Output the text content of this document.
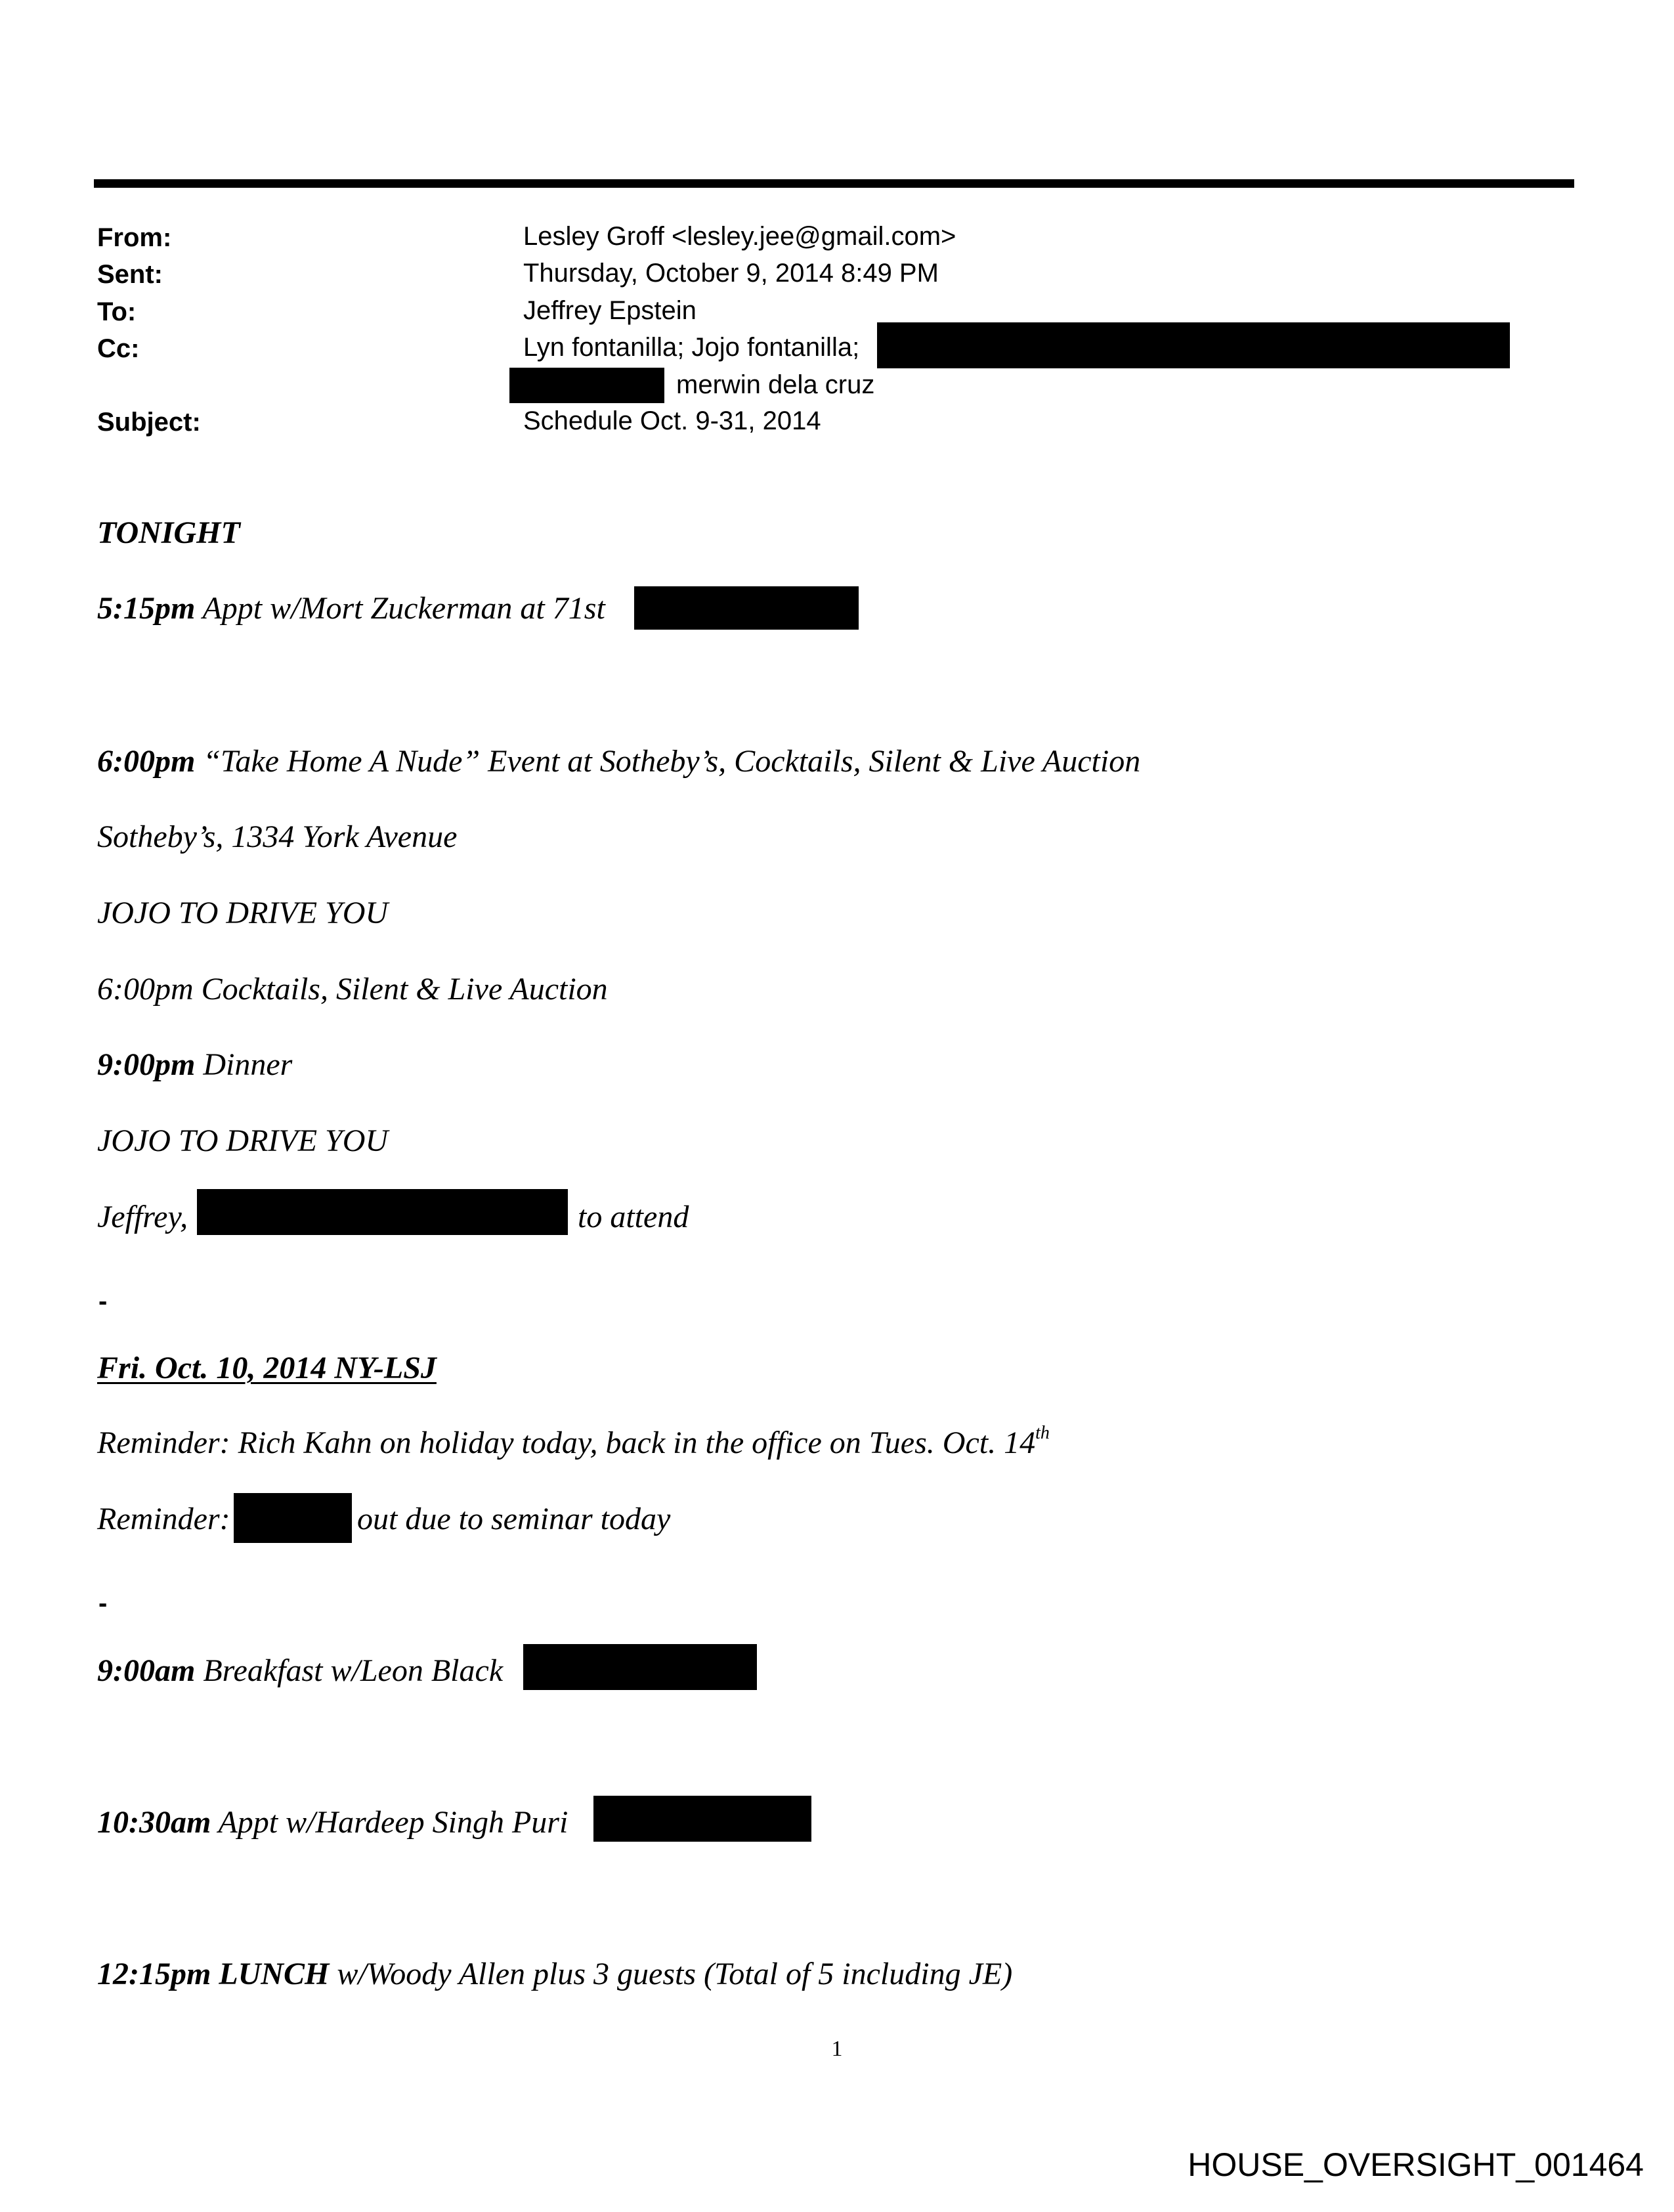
From:	Lesley Groff <lesley.jee@gmail.com>
Sent:	Thursday, October 9, 2014 8:49 PM
To:	Jeffrey Epstein
Cc:	Lyn fontanilla; Jojo fontanilla;
merwin dela cruz
Subject:	Schedule Oct. 9-31, 2014
TONIGHT
5:15pm Appt w/Mort Zuckerman at 71st
6:00pm “Take Home A Nude” Event at Sotheby’s, Cocktails, Silent & Live Auction
Sotheby’s, 1334 York Avenue
JOJO TO DRIVE YOU
6:00pm Cocktails, Silent & Live Auction
9:00pm Dinner
JOJO TO DRIVE YOU
Jeffrey,	to attend
-
Fri. Oct. 10, 2014 NY-LSJ
Reminder: Rich Kahn on holiday today, back in the office on Tues. Oct. 14th
Reminder:	out due to seminar today
-
9:00am Breakfast w/Leon Black
10:30am Appt w/Hardeep Singh Puri
12:15pm LUNCH w/Woody Allen plus 3 guests (Total of 5 including JE)
1
HOUSE_OVERSIGHT_001464
